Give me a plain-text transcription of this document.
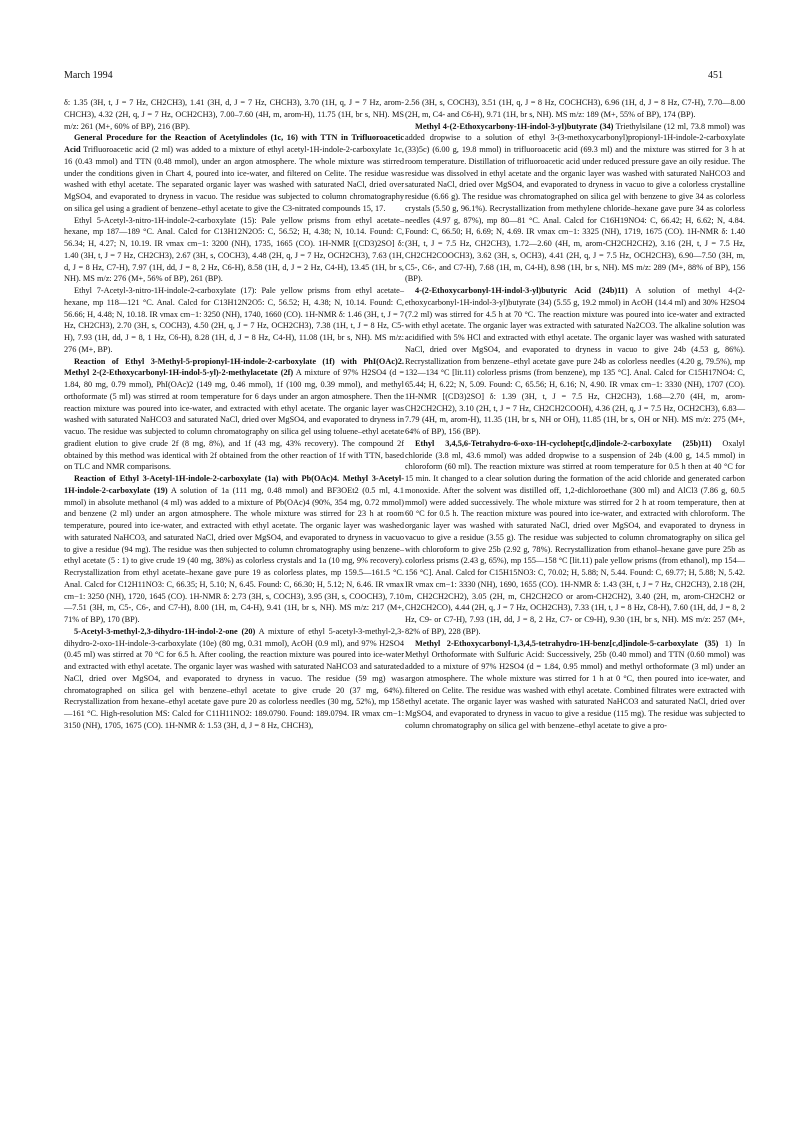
March 1994	451

δ: 1.35 (3H, t, J = 7 Hz, CH2CH3), 1.41 (3H, d, J = 7 Hz, CHCH3), 3.70 (1H, q, J = 7 Hz, arom-CHCH3), 4.32 (2H, q, J = 7 Hz, OCH2CH3), 7.00–7.60 (4H, m, arom-H), 11.75 (1H, br s, NH). MS m/z: 261 (M+, 60% of BP), 216 (BP).

General Procedure for the Reaction of Acetylindoles (1c, 16) with TTN in Trifluoroacetic Acid Trifluoroacetic acid (2 ml) was added to a mixture of ethyl acetyl-1H-indole-2-carboxylate 1c, 16 (0.43 mmol) and TTN (0.48 mmol), under an argon atmosphere. The whole mixture was stirred under the conditions given in Chart 4, poured into ice-water, and filtered on Celite. The residue was washed with ethyl acetate. The separated organic layer was washed with saturated NaCl, dried over MgSO4, and evaporated to dryness in vacuo. The residue was subjected to column chromatography on silica gel using a gradient of benzene–ethyl acetate to give the C3-nitrated compounds 15, 17.

Ethyl 5-Acetyl-3-nitro-1H-indole-2-carboxylate (15): Pale yellow prisms from ethyl acetate–hexane, mp 187—189 °C. Anal. Calcd for C13H12N2O5: C, 56.52; H, 4.38; N, 10.14. Found: C, 56.34; H, 4.27; N, 10.19. IR νmax cm−1: 3200 (NH), 1735, 1665 (CO). 1H-NMR [(CD3)2SO] δ: 1.40 (3H, t, J = 7 Hz, CH2CH3), 2.67 (3H, s, COCH3), 4.48 (2H, q, J = 7 Hz, OCH2CH3), 7.63 (1H, d, J = 8 Hz, C7-H), 7.97 (1H, dd, J = 8, 2 Hz, C6-H), 8.58 (1H, d, J = 2 Hz, C4-H), 13.45 (1H, br s, NH). MS m/z: 276 (M+, 56% of BP), 261 (BP).

Ethyl 7-Acetyl-3-nitro-1H-indole-2-carboxylate (17): Pale yellow prisms from ethyl acetate–hexane, mp 118—121 °C. Anal. Calcd for C13H12N2O5: C, 56.52; H, 4.38; N, 10.14. Found: C, 56.66; H, 4.48; N, 10.18. IR νmax cm−1: 3250 (NH), 1740, 1660 (CO). 1H-NMR δ: 1.46 (3H, t, J = 7 Hz, CH2CH3), 2.70 (3H, s, COCH3), 4.50 (2H, q, J = 7 Hz, OCH2CH3), 7.38 (1H, t, J = 8 Hz, C5-H), 7.93 (1H, dd, J = 8, 1 Hz, C6-H), 8.28 (1H, d, J = 8 Hz, C4-H), 11.08 (1H, br s, NH). MS m/z: 276 (M+, BP).

Reaction of Ethyl 3-Methyl-5-propionyl-1H-indole-2-carboxylate (1f) with PhI(OAc)2. Methyl 2-(2-Ethoxycarbonyl-1H-indol-5-yl)-2-methylacetate (2f) A mixture of 97% H2SO4 (d = 1.84, 80 mg, 0.79 mmol), PhI(OAc)2 (149 mg, 0.46 mmol), 1f (100 mg, 0.39 mmol), and methyl orthoformate (5 ml) was stirred at room temperature for 6 days under an argon atmosphere. Then the reaction mixture was poured into ice-water, and extracted with ethyl acetate. The organic layer was washed with saturated NaHCO3 and saturated NaCl, dried over MgSO4, and evaporated to dryness in vacuo. The residue was subjected to column chromatography on silica gel using toluene–ethyl acetate gradient elution to give crude 2f (8 mg, 8%), and 1f (43 mg, 43% recovery). The compound 2f obtained by this method was identical with 2f obtained from the other reaction of 1f with TTN, based on TLC and NMR comparisons.

Reaction of Ethyl 3-Acetyl-1H-indole-2-carboxylate (1a) with Pb(OAc)4. Methyl 3-Acetyl-1H-indole-2-carboxylate (19) A solution of 1a (111 mg, 0.48 mmol) and BF3OEt2 (0.5 ml, 4.1 mmol) in absolute methanol (4 ml) was added to a mixture of Pb(OAc)4 (90%, 354 mg, 0.72 mmol) and benzene (2 ml) under an argon atmosphere. The whole mixture was stirred for 23 h at room temperature, poured into ice-water, and extracted with ethyl acetate. The organic layer was washed with saturated NaHCO3, and saturated NaCl, dried over MgSO4, and evaporated to dryness in vacuo to give a residue (94 mg). The residue was then subjected to column chromatography using benzene–ethyl acetate (5 : 1) to give crude 19 (40 mg, 38%) as colorless crystals and 1a (10 mg, 9% recovery). Recrystallization from ethyl acetate–hexane gave pure 19 as colorless plates, mp 159.5—161.5 °C. Anal. Calcd for C12H11NO3: C, 66.35; H, 5.10; N, 6.45. Found: C, 66.30; H, 5.12; N, 6.46. IR νmax cm−1: 3250 (NH), 1720, 1645 (CO). 1H-NMR δ: 2.73 (3H, s, COCH3), 3.95 (3H, s, COOCH3), 7.10—7.51 (3H, m, C5-, C6-, and C7-H), 8.00 (1H, m, C4-H), 9.41 (1H, br s, NH). MS m/z: 217 (M+, 71% of BP), 170 (BP).

5-Acetyl-3-methyl-2,3-dihydro-1H-indol-2-one (20) A mixture of ethyl 5-acetyl-3-methyl-2,3-dihydro-2-oxo-1H-indole-3-carboxylate (10e) (80 mg, 0.31 mmol), AcOH (0.9 ml), and 97% H2SO4 (0.45 ml) was stirred at 70 °C for 6.5 h. After cooling, the reaction mixture was poured into ice-water and extracted with ethyl acetate. The organic layer was washed with saturated NaHCO3 and saturated NaCl, dried over MgSO4, and evaporated to dryness in vacuo. The residue (59 mg) was chromatographed on silica gel with benzene–ethyl acetate to give crude 20 (37 mg, 64%). Recrystallization from hexane–ethyl acetate gave pure 20 as colorless needles (30 mg, 52%), mp 158—161 °C. High-resolution MS: Calcd for C11H11NO2: 189.0790. Found: 189.0794. IR νmax cm−1: 3150 (NH), 1705, 1675 (CO). 1H-NMR δ: 1.53 (3H, d, J = 8 Hz, CHCH3),

2.56 (3H, s, COCH3), 3.51 (1H, q, J = 8 Hz, COCHCH3), 6.96 (1H, d, J = 8 Hz, C7-H), 7.70—8.00 (2H, m, C4- and C6-H), 9.71 (1H, br s, NH). MS m/z: 189 (M+, 55% of BP), 174 (BP).

Methyl 4-(2-Ethoxycarbony-1H-indol-3-yl)butyrate (34) Triethylsilane (12 ml, 73.8 mmol) was added dropwise to a solution of ethyl 3-(3-methoxycarbonyl)propionyl-1H-indole-2-carboxylate (33)5c) (6.00 g, 19.8 mmol) in trifluoroacetic acid (69.3 ml) and the mixture was stirred for 3 h at room temperature. Distillation of trifluoroacetic acid under reduced pressure gave an oily residue. The residue was dissolved in ethyl acetate and the organic layer was washed with saturated NaHCO3 and saturated NaCl, dried over MgSO4, and evaporated to dryness in vacuo to give a colorless crystalline residue (6.66 g). The residue was chromatographed on silica gel with benzene to give 34 as colorless crystals (5.50 g, 96.1%). Recrystallization from methylene chloride–hexane gave pure 34 as colorless needles (4.97 g, 87%), mp 80—81 °C. Anal. Calcd for C16H19NO4: C, 66.42; H, 6.62; N, 4.84. Found: C, 66.50; H, 6.69; N, 4.69. IR νmax cm−1: 3325 (NH), 1719, 1675 (CO). 1H-NMR δ: 1.40 (3H, t, J = 7.5 Hz, CH2CH3), 1.72—2.60 (4H, m, arom-CH2CH2CH2), 3.16 (2H, t, J = 7.5 Hz, CH2CH2COOCH3), 3.62 (3H, s, OCH3), 4.41 (2H, q, J = 7.5 Hz, OCH2CH3), 6.90—7.50 (3H, m, C5-, C6-, and C7-H), 7.68 (1H, m, C4-H), 8.98 (1H, br s, NH). MS m/z: 289 (M+, 88% of BP), 156 (BP).

4-(2-Ethoxycarbonyl-1H-indol-3-yl)butyric Acid (24b)11) A solution of methyl 4-(2-ethoxycarbonyl-1H-indol-3-yl)butyrate (34) (5.55 g, 19.2 mmol) in AcOH (14.4 ml) and 30% H2SO4 (7.2 ml) was stirred for 4.5 h at 70 °C. The reaction mixture was poured into ice-water and extracted with ethyl acetate. The organic layer was extracted with saturated Na2CO3. The alkaline solution was acidified with 5% HCl and extracted with ethyl acetate. The organic layer was washed with saturated NaCl, dried over MgSO4, and evaporated to dryness in vacuo to give 24b (4.53 g, 86%). Recrystallization from benzene–ethyl acetate gave pure 24b as colorless needles (4.20 g, 79.5%), mp 132—134 °C [lit.11) colorless prisms (from benzene), mp 135 °C]. Anal. Calcd for C15H17NO4: C, 65.44; H, 6.22; N, 5.09. Found: C, 65.56; H, 6.16; N, 4.90. IR νmax cm−1: 3330 (NH), 1707 (CO). 1H-NMR [(CD3)2SO] δ: 1.39 (3H, t, J = 7.5 Hz, CH2CH3), 1.68—2.70 (4H, m, arom-CH2CH2CH2), 3.10 (2H, t, J = 7 Hz, CH2CH2COOH), 4.36 (2H, q, J = 7.5 Hz, OCH2CH3), 6.83—7.79 (4H, m, arom-H), 11.35 (1H, br s, NH or OH), 11.85 (1H, br s, OH or NH). MS m/z: 275 (M+, 64% of BP), 156 (BP).

Ethyl 3,4,5,6-Tetrahydro-6-oxo-1H-cyclohept[c,d]indole-2-carboxylate (25b)11) Oxalyl chloride (3.8 ml, 43.6 mmol) was added dropwise to a suspension of 24b (4.00 g, 14.5 mmol) in chloroform (60 ml). The reaction mixture was stirred at room temperature for 0.5 h then at 40 °C for 15 min. It changed to a clear solution during the formation of the acid chloride and generated carbon monoxide. After the solvent was distilled off, 1,2-dichloroethane (300 ml) and AlCl3 (7.86 g, 60.5 mmol) were added successively. The whole mixture was stirred for 2 h at room temperature, then at 60 °C for 0.5 h. The reaction mixture was poured into ice-water, and extracted with chloroform. The organic layer was washed with saturated NaCl, dried over MgSO4, and evaporated to dryness in vacuo to give a residue (3.55 g). The residue was subjected to column chromatography on silica gel with chloroform to give 25b (2.92 g, 78%). Recrystallization from ethanol–hexane gave pure 25b as colorless prisms (2.43 g, 65%), mp 155—158 °C [lit.11) pale yellow prisms (from ethanol), mp 154—156 °C]. Anal. Calcd for C15H15NO3: C, 70.02; H, 5.88; N, 5.44. Found: C, 69.77; H, 5.88; N, 5.42. IR νmax cm−1: 3330 (NH), 1690, 1655 (CO). 1H-NMR δ: 1.43 (3H, t, J = 7 Hz, CH2CH3), 2.18 (2H, m, CH2CH2CH2), 3.05 (2H, m, CH2CH2CO or arom-CH2CH2), 3.40 (2H, m, arom-CH2CH2 or CH2CH2CO), 4.44 (2H, q, J = 7 Hz, OCH2CH3), 7.33 (1H, t, J = 8 Hz, C8-H), 7.60 (1H, dd, J = 8, 2 Hz, C9- or C7-H), 7.93 (1H, dd, J = 8, 2 Hz, C7- or C9-H), 9.30 (1H, br s, NH). MS m/z: 257 (M+, 82% of BP), 228 (BP).

Methyl 2-Ethoxycarbonyl-1,3,4,5-tetrahydro-1H-benz[c,d]indole-5-carboxylate (35) 1) In Methyl Orthoformate with Sulfuric Acid: Successively, 25b (0.40 mmol) and TTN (0.60 mmol) was added to a mixture of 97% H2SO4 (d = 1.84, 0.95 mmol) and methyl orthoformate (3 ml) under an argon atmosphere. The whole mixture was stirred for 1 h at 0 °C, then poured into ice-water, and filtered on Celite. The residue was washed with ethyl acetate. Combined filtrates were extracted with ethyl acetate. The organic layer was washed with saturated NaHCO3 and saturated NaCl, dried over MgSO4, and evaporated to dryness in vacuo to give a residue (115 mg). The residue was subjected to column chromatography on silica gel with benzene–ethyl acetate to give a pro-
